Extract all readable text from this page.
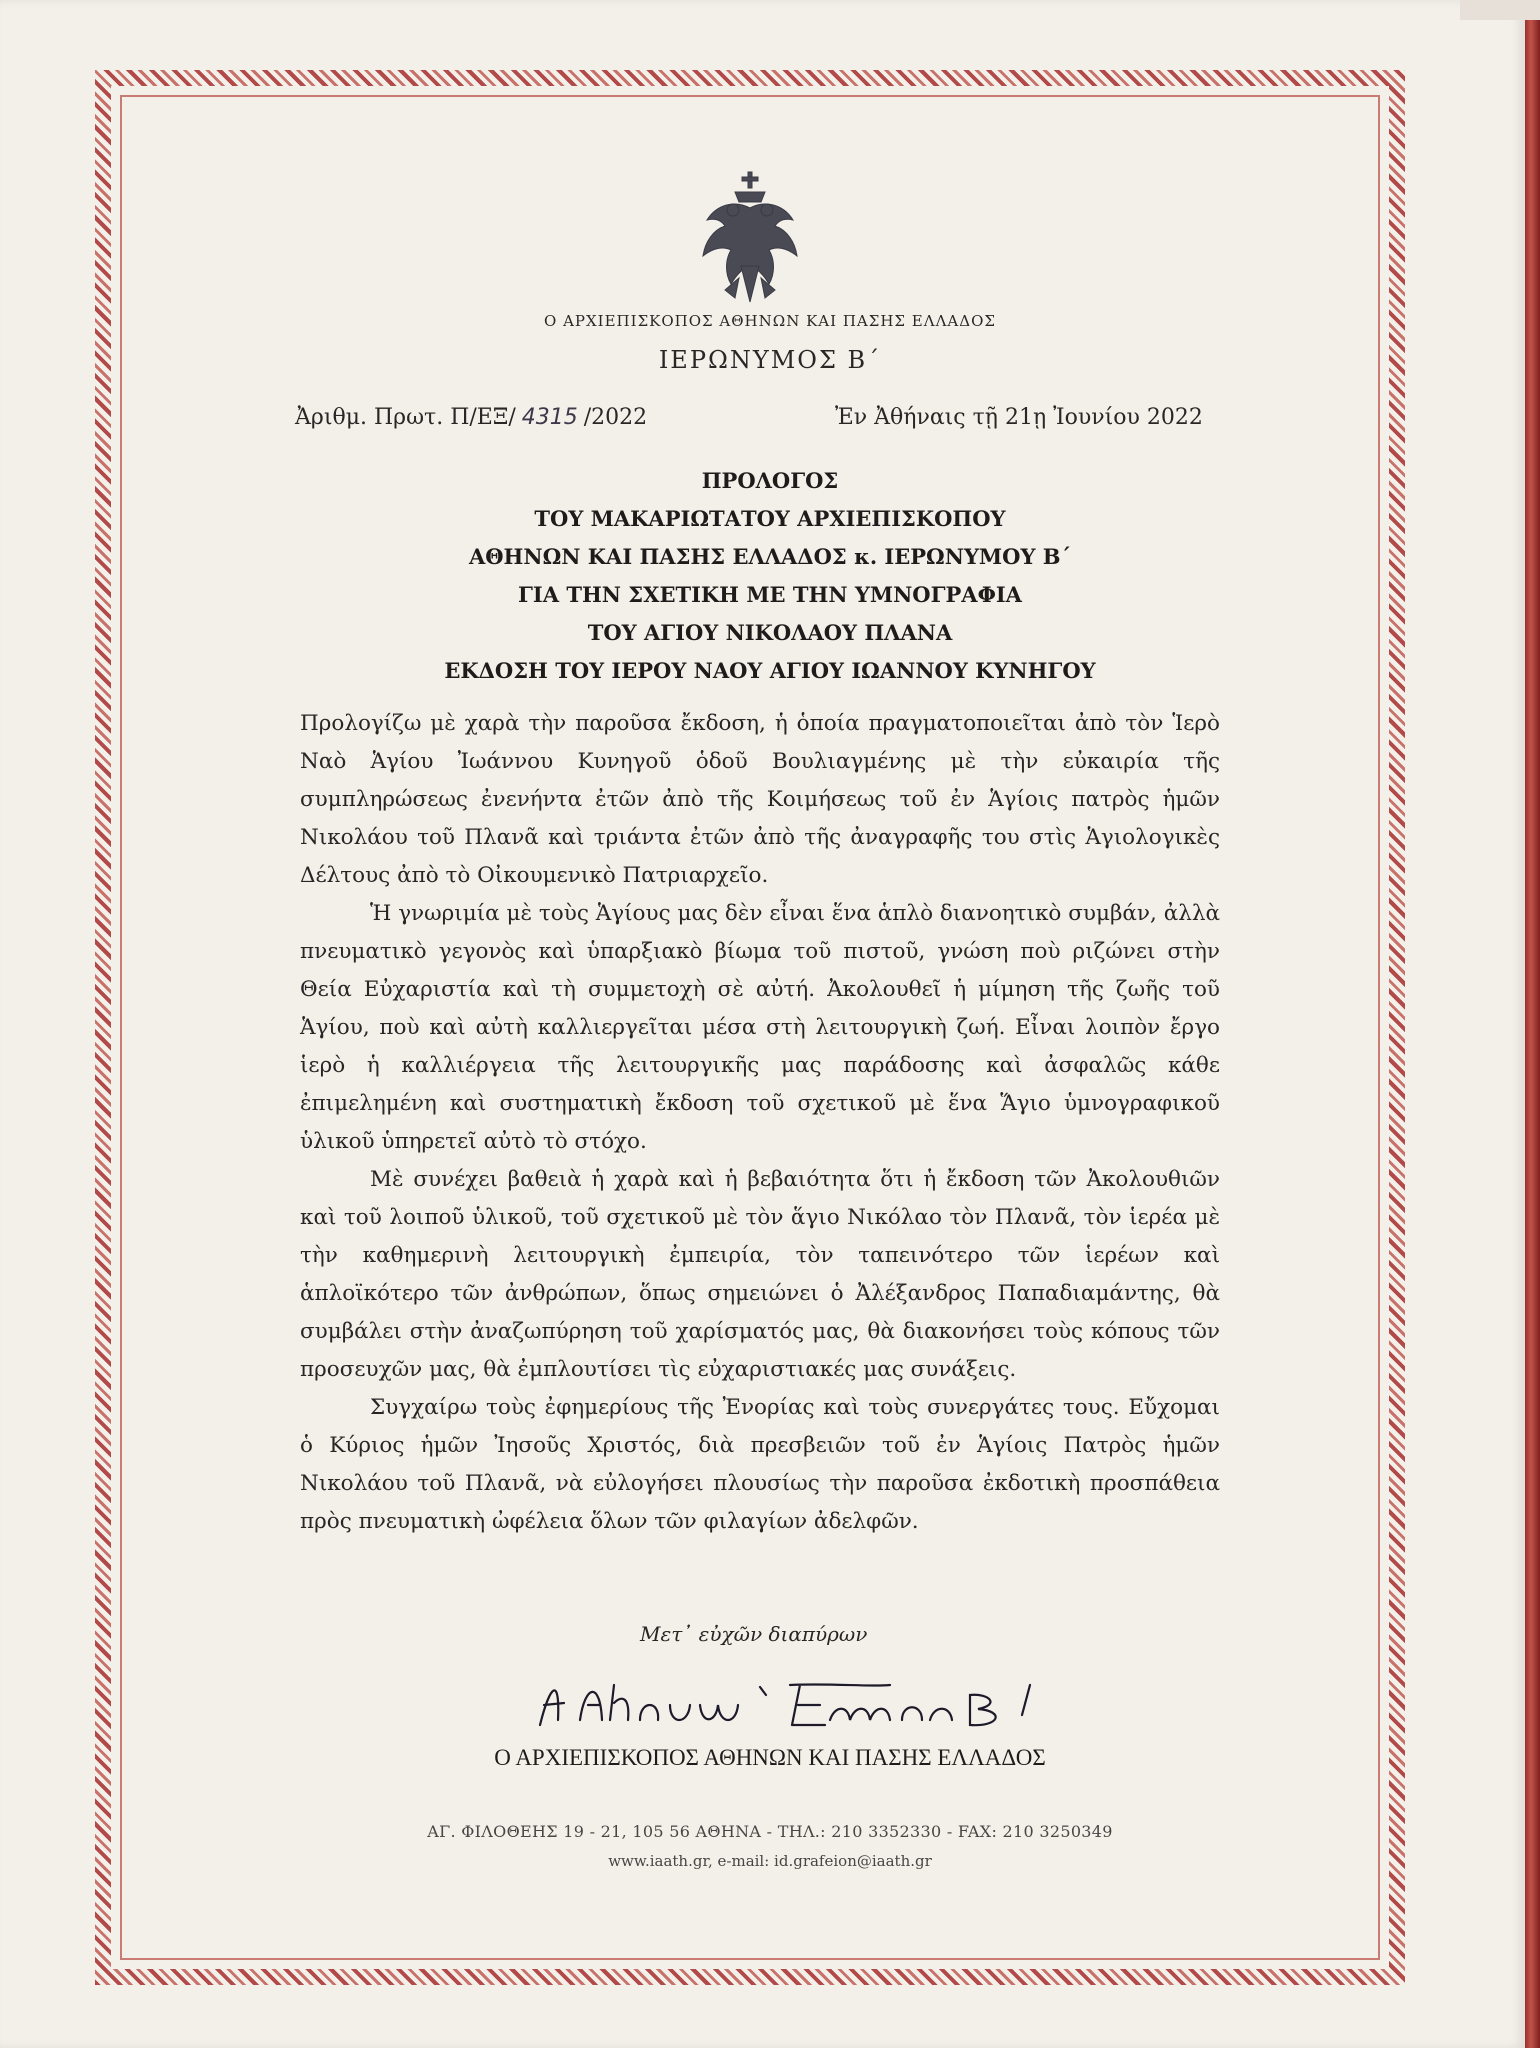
Ο ΑΡΧΙΕΠΙΣΚΟΠΟΣ ΑΘΗΝΩΝ ΚΑΙ ΠΑΣΗΣ ΕΛΛΑΔΟΣ
ΙΕΡΩΝΥΜΟΣ Β΄
Ἀριθμ. Πρωτ. Π/ΕΞ/ 4315 /2022	Ἐν Ἀθήναις τῇ 21ῃ Ἰουνίου 2022
ΠΡΟΛΟΓΟΣ
ΤΟΥ ΜΑΚΑΡΙΩΤΑΤΟΥ ΑΡΧΙΕΠΙΣΚΟΠΟΥ
ΑΘΗΝΩΝ ΚΑΙ ΠΑΣΗΣ ΕΛΛΑΔΟΣ κ. ΙΕΡΩΝΥΜΟΥ Β΄
ΓΙΑ ΤΗΝ ΣΧΕΤΙΚΗ ΜΕ ΤΗΝ ΥΜΝΟΓΡΑΦΙΑ
ΤΟΥ ΑΓΙΟΥ ΝΙΚΟΛΑΟΥ ΠΛΑΝΑ
ΕΚΔΟΣΗ ΤΟΥ ΙΕΡΟΥ ΝΑΟΥ ΑΓΙΟΥ ΙΩΑΝΝΟΥ ΚΥΝΗΓΟΥ

Προλογίζω μὲ χαρὰ τὴν παροῦσα ἔκδοση, ἡ ὁποία πραγματοποιεῖται ἀπὸ τὸν Ἱερὸ Ναὸ Ἁγίου Ἰωάννου Κυνηγοῦ ὁδοῦ Βουλιαγμένης μὲ τὴν εὐκαιρία τῆς συμπληρώσεως ἐνενήντα ἐτῶν ἀπὸ τῆς Κοιμήσεως τοῦ ἐν Ἁγίοις πατρὸς ἡμῶν Νικολάου τοῦ Πλανᾶ καὶ τριάντα ἐτῶν ἀπὸ τῆς ἀναγραφῆς του στὶς Ἁγιολογικὲς Δέλτους ἀπὸ τὸ Οἰκουμενικὸ Πατριαρχεῖο.

Ἡ γνωριμία μὲ τοὺς Ἁγίους μας δὲν εἶναι ἕνα ἁπλὸ διανοητικὸ συμβάν, ἀλλὰ πνευματικὸ γεγονὸς καὶ ὑπαρξιακὸ βίωμα τοῦ πιστοῦ, γνώση ποὺ ριζώνει στὴν Θεία Εὐχαριστία καὶ τὴ συμμετοχὴ σὲ αὐτή. Ἀκολουθεῖ ἡ μίμηση τῆς ζωῆς τοῦ Ἁγίου, ποὺ καὶ αὐτὴ καλλιεργεῖται μέσα στὴ λειτουργικὴ ζωή. Εἶναι λοιπὸν ἔργο ἱερὸ ἡ καλλιέργεια τῆς λειτουργικῆς μας παράδοσης καὶ ἀσφαλῶς κάθε ἐπιμελημένη καὶ συστηματικὴ ἔκδοση τοῦ σχετικοῦ μὲ ἕνα Ἅγιο ὑμνογραφικοῦ ὑλικοῦ ὑπηρετεῖ αὐτὸ τὸ στόχο.

Μὲ συνέχει βαθειὰ ἡ χαρὰ καὶ ἡ βεβαιότητα ὅτι ἡ ἔκδοση τῶν Ἀκολουθιῶν καὶ τοῦ λοιποῦ ὑλικοῦ, τοῦ σχετικοῦ μὲ τὸν ἅγιο Νικόλαο τὸν Πλανᾶ, τὸν ἱερέα μὲ τὴν καθημερινὴ λειτουργικὴ ἐμπειρία, τὸν ταπεινότερο τῶν ἱερέων καὶ ἁπλοϊκότερο τῶν ἀνθρώπων, ὅπως σημειώνει ὁ Ἀλέξανδρος Παπαδιαμάντης, θὰ συμβάλει στὴν ἀναζωπύρηση τοῦ χαρίσματός μας, θὰ διακονήσει τοὺς κόπους τῶν προσευχῶν μας, θὰ ἐμπλουτίσει τὶς εὐχαριστιακές μας συνάξεις.

Συγχαίρω τοὺς ἐφημερίους τῆς Ἐνορίας καὶ τοὺς συνεργάτες τους. Εὔχομαι ὁ Κύριος ἡμῶν Ἰησοῦς Χριστός, διὰ πρεσβειῶν τοῦ ἐν Ἁγίοις Πατρὸς ἡμῶν Νικολάου τοῦ Πλανᾶ, νὰ εὐλογήσει πλουσίως τὴν παροῦσα ἐκδοτικὴ προσπάθεια πρὸς πνευματικὴ ὠφέλεια ὅλων τῶν φιλαγίων ἀδελφῶν.

Μετ᾽ εὐχῶν διαπύρων
Ο ΑΡΧΙΕΠΙΣΚΟΠΟΣ ΑΘΗΝΩΝ ΚΑΙ ΠΑΣΗΣ ΕΛΛΑΔΟΣ
ΑΓ. ΦΙΛΟΘΕΗΣ 19 - 21, 105 56 ΑΘΗΝΑ - ΤΗΛ.: 210 3352330 - FAX: 210 3250349
www.iaath.gr, e-mail: id.grafeion@iaath.gr
